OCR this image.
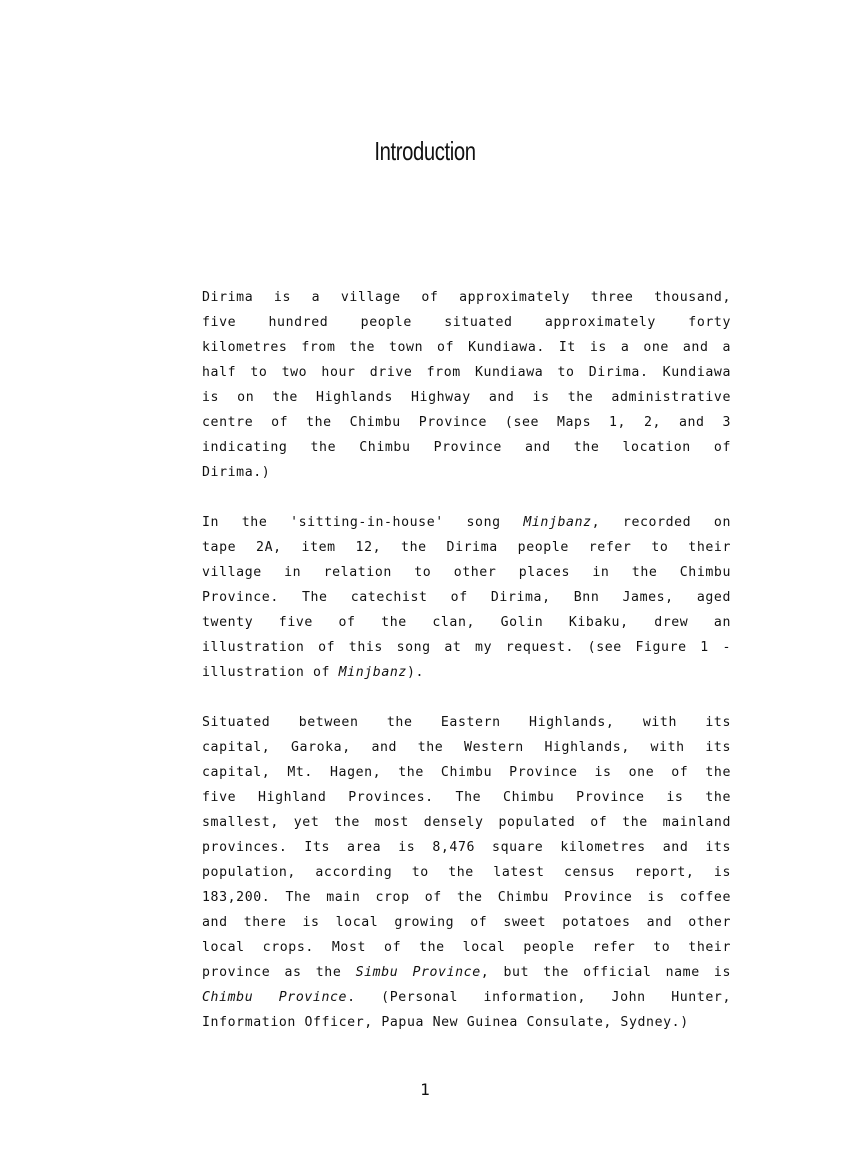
Introduction

Dirima is a village of approximately three thousand,
five hundred people situated approximately forty
kilometres from the town of Kundiawa. It is a one and a
half to two hour drive from Kundiawa to Dirima. Kundiawa
is on the Highlands Highway and is the administrative
centre of the Chimbu Province (see Maps 1, 2, and 3
indicating the Chimbu Province and the location of
Dirima.)

In the 'sitting-in-house' song Minjbanz, recorded on
tape 2A, item 12, the Dirima people refer to their
village in relation to other places in the Chimbu
Province. The catechist of Dirima, Bnn James, aged
twenty five of the clan, Golin Kibaku, drew an
illustration of this song at my request. (see Figure 1 -
illustration of Minjbanz).

Situated between the Eastern Highlands, with its
capital, Garoka, and the Western Highlands, with its
capital, Mt. Hagen, the Chimbu Province is one of the
five Highland Provinces. The Chimbu Province is the
smallest, yet the most densely populated of the mainland
provinces. Its area is 8,476 square kilometres and its
population, according to the latest census report, is
183,200. The main crop of the Chimbu Province is coffee
and there is local growing of sweet potatoes and other
local crops. Most of the local people refer to their
province as the Simbu Province, but the official name is
Chimbu Province. (Personal information, John Hunter,
Information Officer, Papua New Guinea Consulate, Sydney.)

1
